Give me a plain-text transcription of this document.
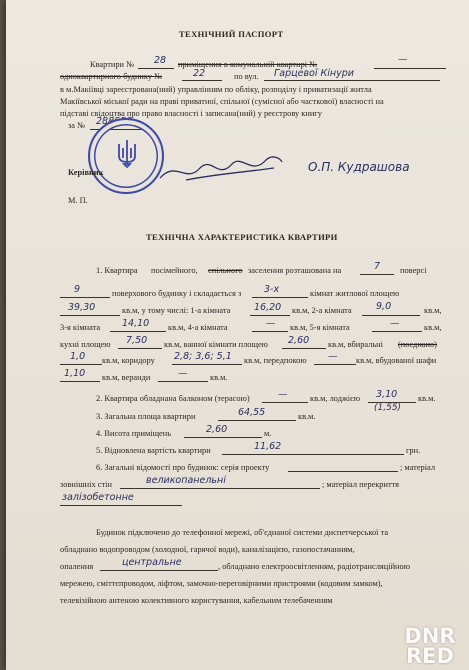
ТЕХНІЧНИЙ ПАСПОРТ
Квартири № 28 приміщення в комунальній квартирі №	—
одноквартирного будинку №	22	по вул. Гарцевої Кінури
в м.Макіївці зареєстрована(ний) управлінням по обліку, розподілу і приватизації житла
Макіївської міської ради на праві приватної, спільної (сумісної або часткової) власності на
підставі свідоцтва про право власності і записана(ний) у реєстрову книгу
за № 288553
Керівник	О.П. Кудрашова
М. П.
ТЕХНІЧНА ХАРАКТЕРИСТИКА КВАРТИРИ
1. Квартира посімейного, спільного заселення розташована на	7 поверсі
9	поверхового будинку і складається з 3-х	кімнат житлової площею
39,30	кв.м, у тому числі: 1-а кімната 16,20 кв.м, 2-а кімната	9,0	кв.м,
3-я кімната 14,10 кв.м, 4-а кімната	— кв.м, 5-я кімната	—	кв.м,
кухні площею 7,50 кв.м, ванної кімнати площею 2,60 кв.м, вбиральні (поєднано)
1,0 кв.м, коридору 2,8; 3,6; 5,1 кв.м, передпокою — кв.м, вбудованої шафи
1,10 кв.м, веранди	—	кв.м.
2. Квартира обладнана балконом (терасою)	—	кв.м, лоджією 3,10 кв.м.
(1,55)
3. Загальна площа квартири	64,55	кв.м.
4. Висота приміщень	2,60	м.
5. Відновлена вартість квартири	11,62	грн.
6. Загальні відомості про будинок: серія проекту	; матеріал
зовнішніх стін	великопанельні	; матеріал перекриття
залізобетонне
Будинок підключено до телефонної мережі, об'єднаної системи диспетчерської та
обладнано водопроводом (холодної, гарячої води), каналізацією, газопостачанням,
опалення	центральне	, обладнано електроосвітленням, радіотрансляційною
мережею, сміттєпроводом, ліфтом, замочно-переговірними пристроями (кодовим замком),
телевізійною антеною колективного користування, кабельним телебаченням
DNR
RED
